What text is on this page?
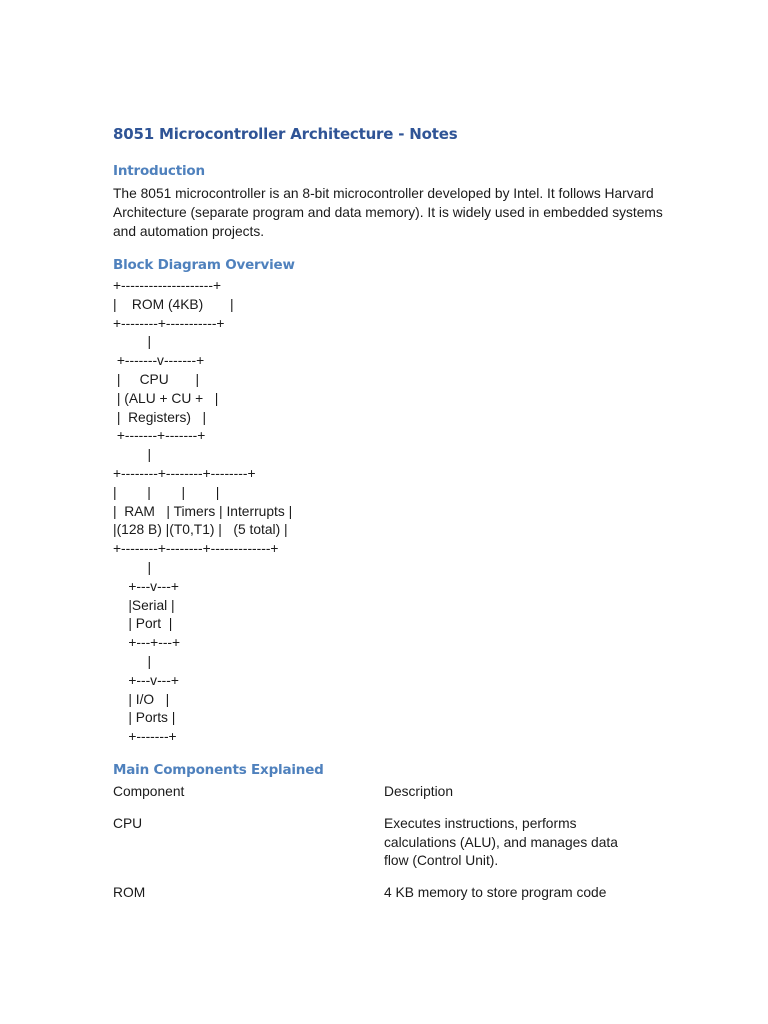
8051 Microcontroller Architecture - Notes
Introduction

The 8051 microcontroller is an 8-bit microcontroller developed by Intel. It follows Harvard Architecture (separate program and data memory). It is widely used in embedded systems and automation projects.

Block Diagram Overview
+--------------------+
|    ROM (4KB)       |
+--------+-----------+
|
+-------v-------+
|     CPU       |
| (ALU + CU +   |
|  Registers)   |
+-------+-------+
|
+--------+--------+--------+
|        |        |        |
|  RAM   | Timers | Interrupts |
|(128 B) |(T0,T1) |   (5 total) |
+--------+--------+-------------+
|
+---v---+
|Serial |
| Port  |
+---+---+
|
+---v---+
| I/O   |
| Ports |
+-------+
Main Components Explained
Component	Description
CPU	Executes instructions, performs calculations (ALU), and manages data flow (Control Unit).
ROM	4 KB memory to store program code
